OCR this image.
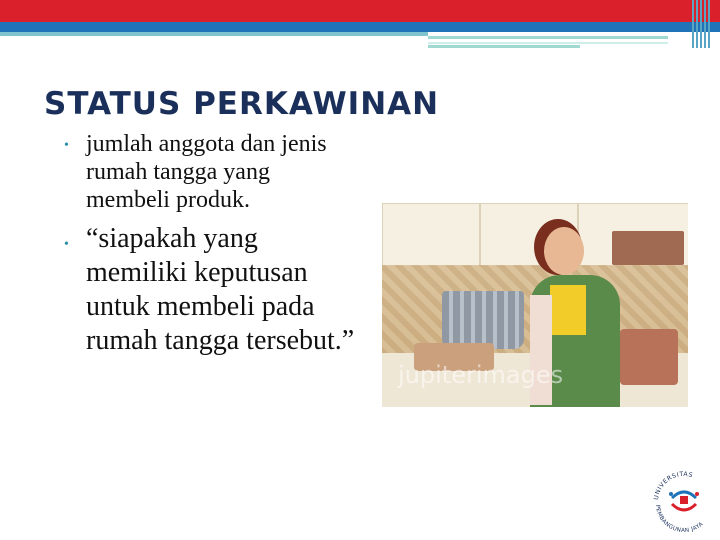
STATUS PERKAWINAN
• jumlah anggota dan jenis rumah tangga yang membeli produk.
• “siapakah yang memiliki keputusan untuk membeli pada rumah tangga tersebut.”
jupiterimages
UNIVERSITAS
PEMBANGUNAN JAYA
